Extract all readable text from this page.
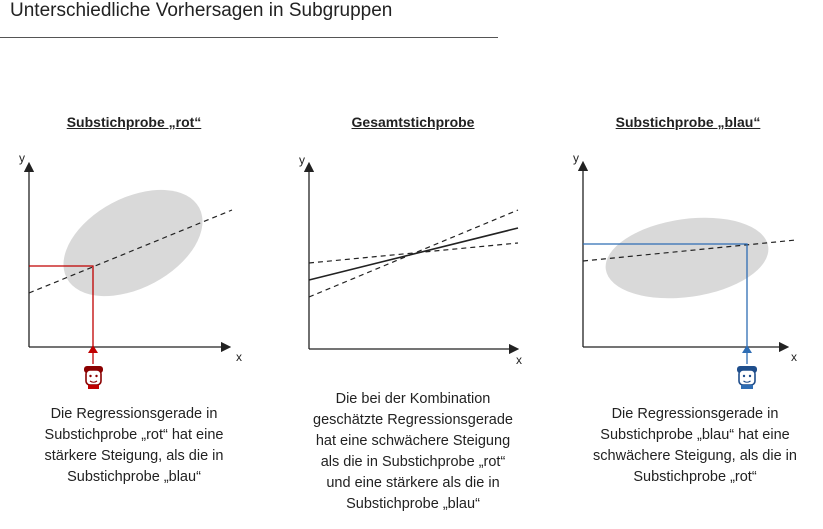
Unterschiedliche Vorhersagen in Subgruppen
Substichprobe „rot“	Gesamtstichprobe	Substichprobe „blau“
y
x
y
x
y
x
Die Regressionsgerade in
Substichprobe „rot“ hat eine
stärkere Steigung, als die in
Substichprobe „blau“
Die bei der Kombination
geschätzte Regressionsgerade
hat eine schwächere Steigung
als die in Substichprobe „rot“
und eine stärkere als die in
Substichprobe „blau“
Die Regressionsgerade in
Substichprobe „blau“ hat eine
schwächere Steigung, als die in
Substichprobe „rot“
